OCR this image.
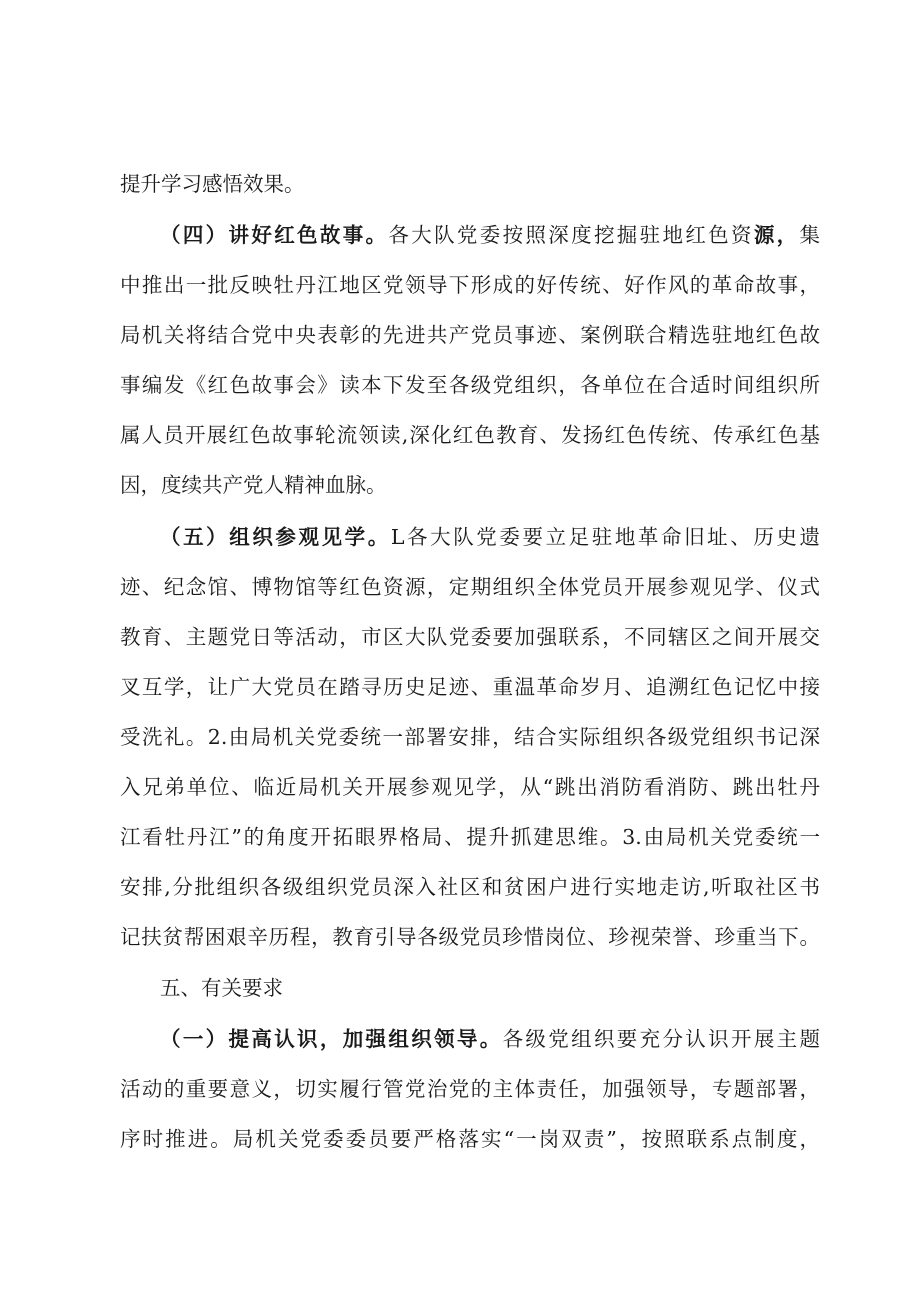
提升学习感悟效果。
（四）讲好红色故事。各大队党委按照深度挖掘驻地红色资源，集
中推出一批反映牡丹江地区党领导下形成的好传统、好作风的革命故事，
局机关将结合党中央表彰的先进共产党员事迹、案例联合精选驻地红色故
事编发《红色故事会》读本下发至各级党组织，各单位在合适时间组织所
属人员开展红色故事轮流领读,深化红色教育、发扬红色传统、传承红色基
因，度续共产党人精神血脉。
（五）组织参观见学。L各大队党委要立足驻地革命旧址、历史遗
迹、纪念馆、博物馆等红色资源，定期组织全体党员开展参观见学、仪式
教育、主题党日等活动，市区大队党委要加强联系，不同辖区之间开展交
叉互学，让广大党员在踏寻历史足迹、重温革命岁月、追溯红色记忆中接
受洗礼。2.由局机关党委统一部署安排，结合实际组织各级党组织书记深
入兄弟单位、临近局机关开展参观见学，从“跳出消防看消防、跳出牡丹
江看牡丹江”的角度开拓眼界格局、提升抓建思维。3.由局机关党委统一
安排,分批组织各级组织党员深入社区和贫困户进行实地走访,听取社区书
记扶贫帮困艰辛历程，教育引导各级党员珍惜岗位、珍视荣誉、珍重当下。
五、有关要求
（一）提高认识，加强组织领导。各级党组织要充分认识开展主题
活动的重要意义，切实履行管党治党的主体责任，加强领导，专题部署，
序时推进。局机关党委委员要严格落实“一岗双责”，按照联系点制度，
